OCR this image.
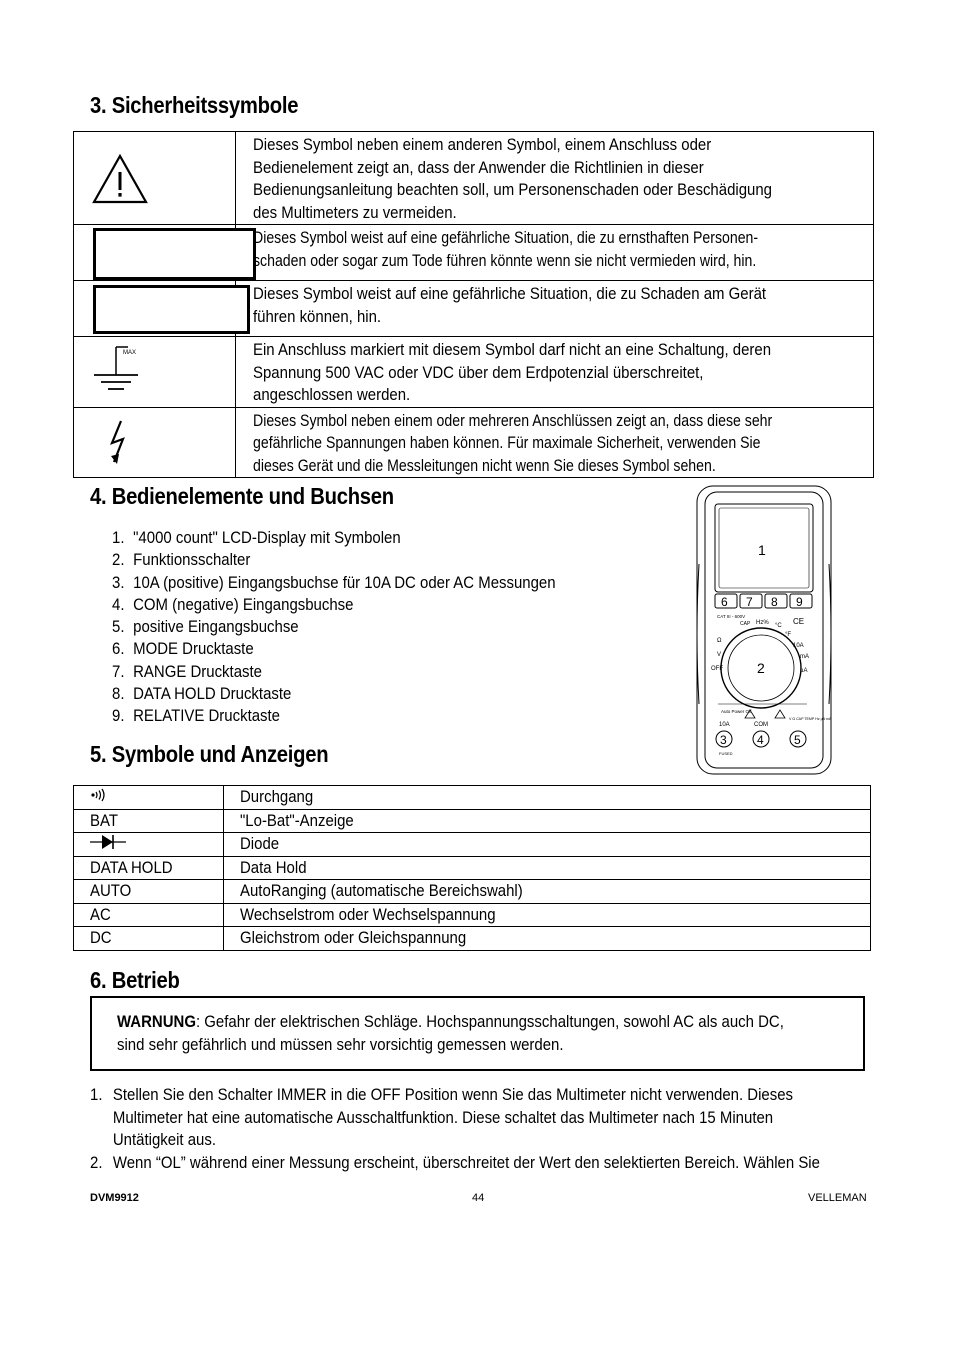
3. Sicherheitssymbole

Dieses Symbol neben einem anderen Symbol, einem Anschluss oder
Bedienelement zeigt an, dass der Anwender die Richtlinien in dieser
Bedienungsanleitung beachten soll, um Personenschaden oder Beschädigung
des Multimeters zu vermeiden.

	Dieses Symbol weist auf eine gefährliche Situation, die zu ernsthaften Personen-
schaden oder sogar zum Tode führen könnte wenn sie nicht vermieden wird, hin.

	Dieses Symbol weist auf eine gefährliche Situation, die zu Schaden am Gerät
führen können, hin.

MAX	Ein Anschluss markiert mit diesem Symbol darf nicht an eine Schaltung, deren
Spannung 500 VAC oder VDC über dem Erdpotenzial überschreitet,
angeschlossen werden.

Dieses Symbol neben einem oder mehreren Anschlüssen zeigt an, dass diese sehr
gefährliche Spannungen haben können. Für maximale Sicherheit, verwenden Sie
dieses Gerät und die Messleitungen nicht wenn Sie dieses Symbol sehen.
4. Bedienelemente und Buchsen
1. "4000 count" LCD-Display mit Symbolen
2. Funktionsschalter
3. 10A (positive) Eingangsbuchse für 10A DC oder AC Messungen
4. COM (negative) Eingangsbuchse
5. positive Eingangsbuchse
6. MODE Drucktaste
7. RANGE Drucktaste
8. DATA HOLD Drucktaste
9. RELATIVE Drucktaste
1
6 7 8 9
2
3	4	5
CAT III - 600V
CAP Hz% °C
°F
CE
Ω
V
OFF
10A
mA
µA
Auto Power Off
10A	COM
V Ω CAP TEMP Hz µA mA
FUSED
5. Symbole und Anzeigen
	Durchgang
BAT	"Lo-Bat"-Anzeige
	Diode
DATA HOLD	Data Hold
AUTO	AutoRanging (automatische Bereichswahl)
AC	Wechselstrom oder Wechselspannung
DC	Gleichstrom oder Gleichspannung
6. Betrieb
WARNUNG: Gefahr der elektrischen Schläge. Hochspannungsschaltungen, sowohl AC als auch DC,
sind sehr gefährlich und müssen sehr vorsichtig gemessen werden.
1. Stellen Sie den Schalter IMMER in die OFF Position wenn Sie das Multimeter nicht verwenden. Dieses
Multimeter hat eine automatische Ausschaltfunktion. Diese schaltet das Multimeter nach 15 Minuten
Untätigkeit aus.
2. Wenn “OL” während einer Messung erscheint, überschreitet der Wert den selektierten Bereich. Wählen Sie
DVM9912	44	VELLEMAN
